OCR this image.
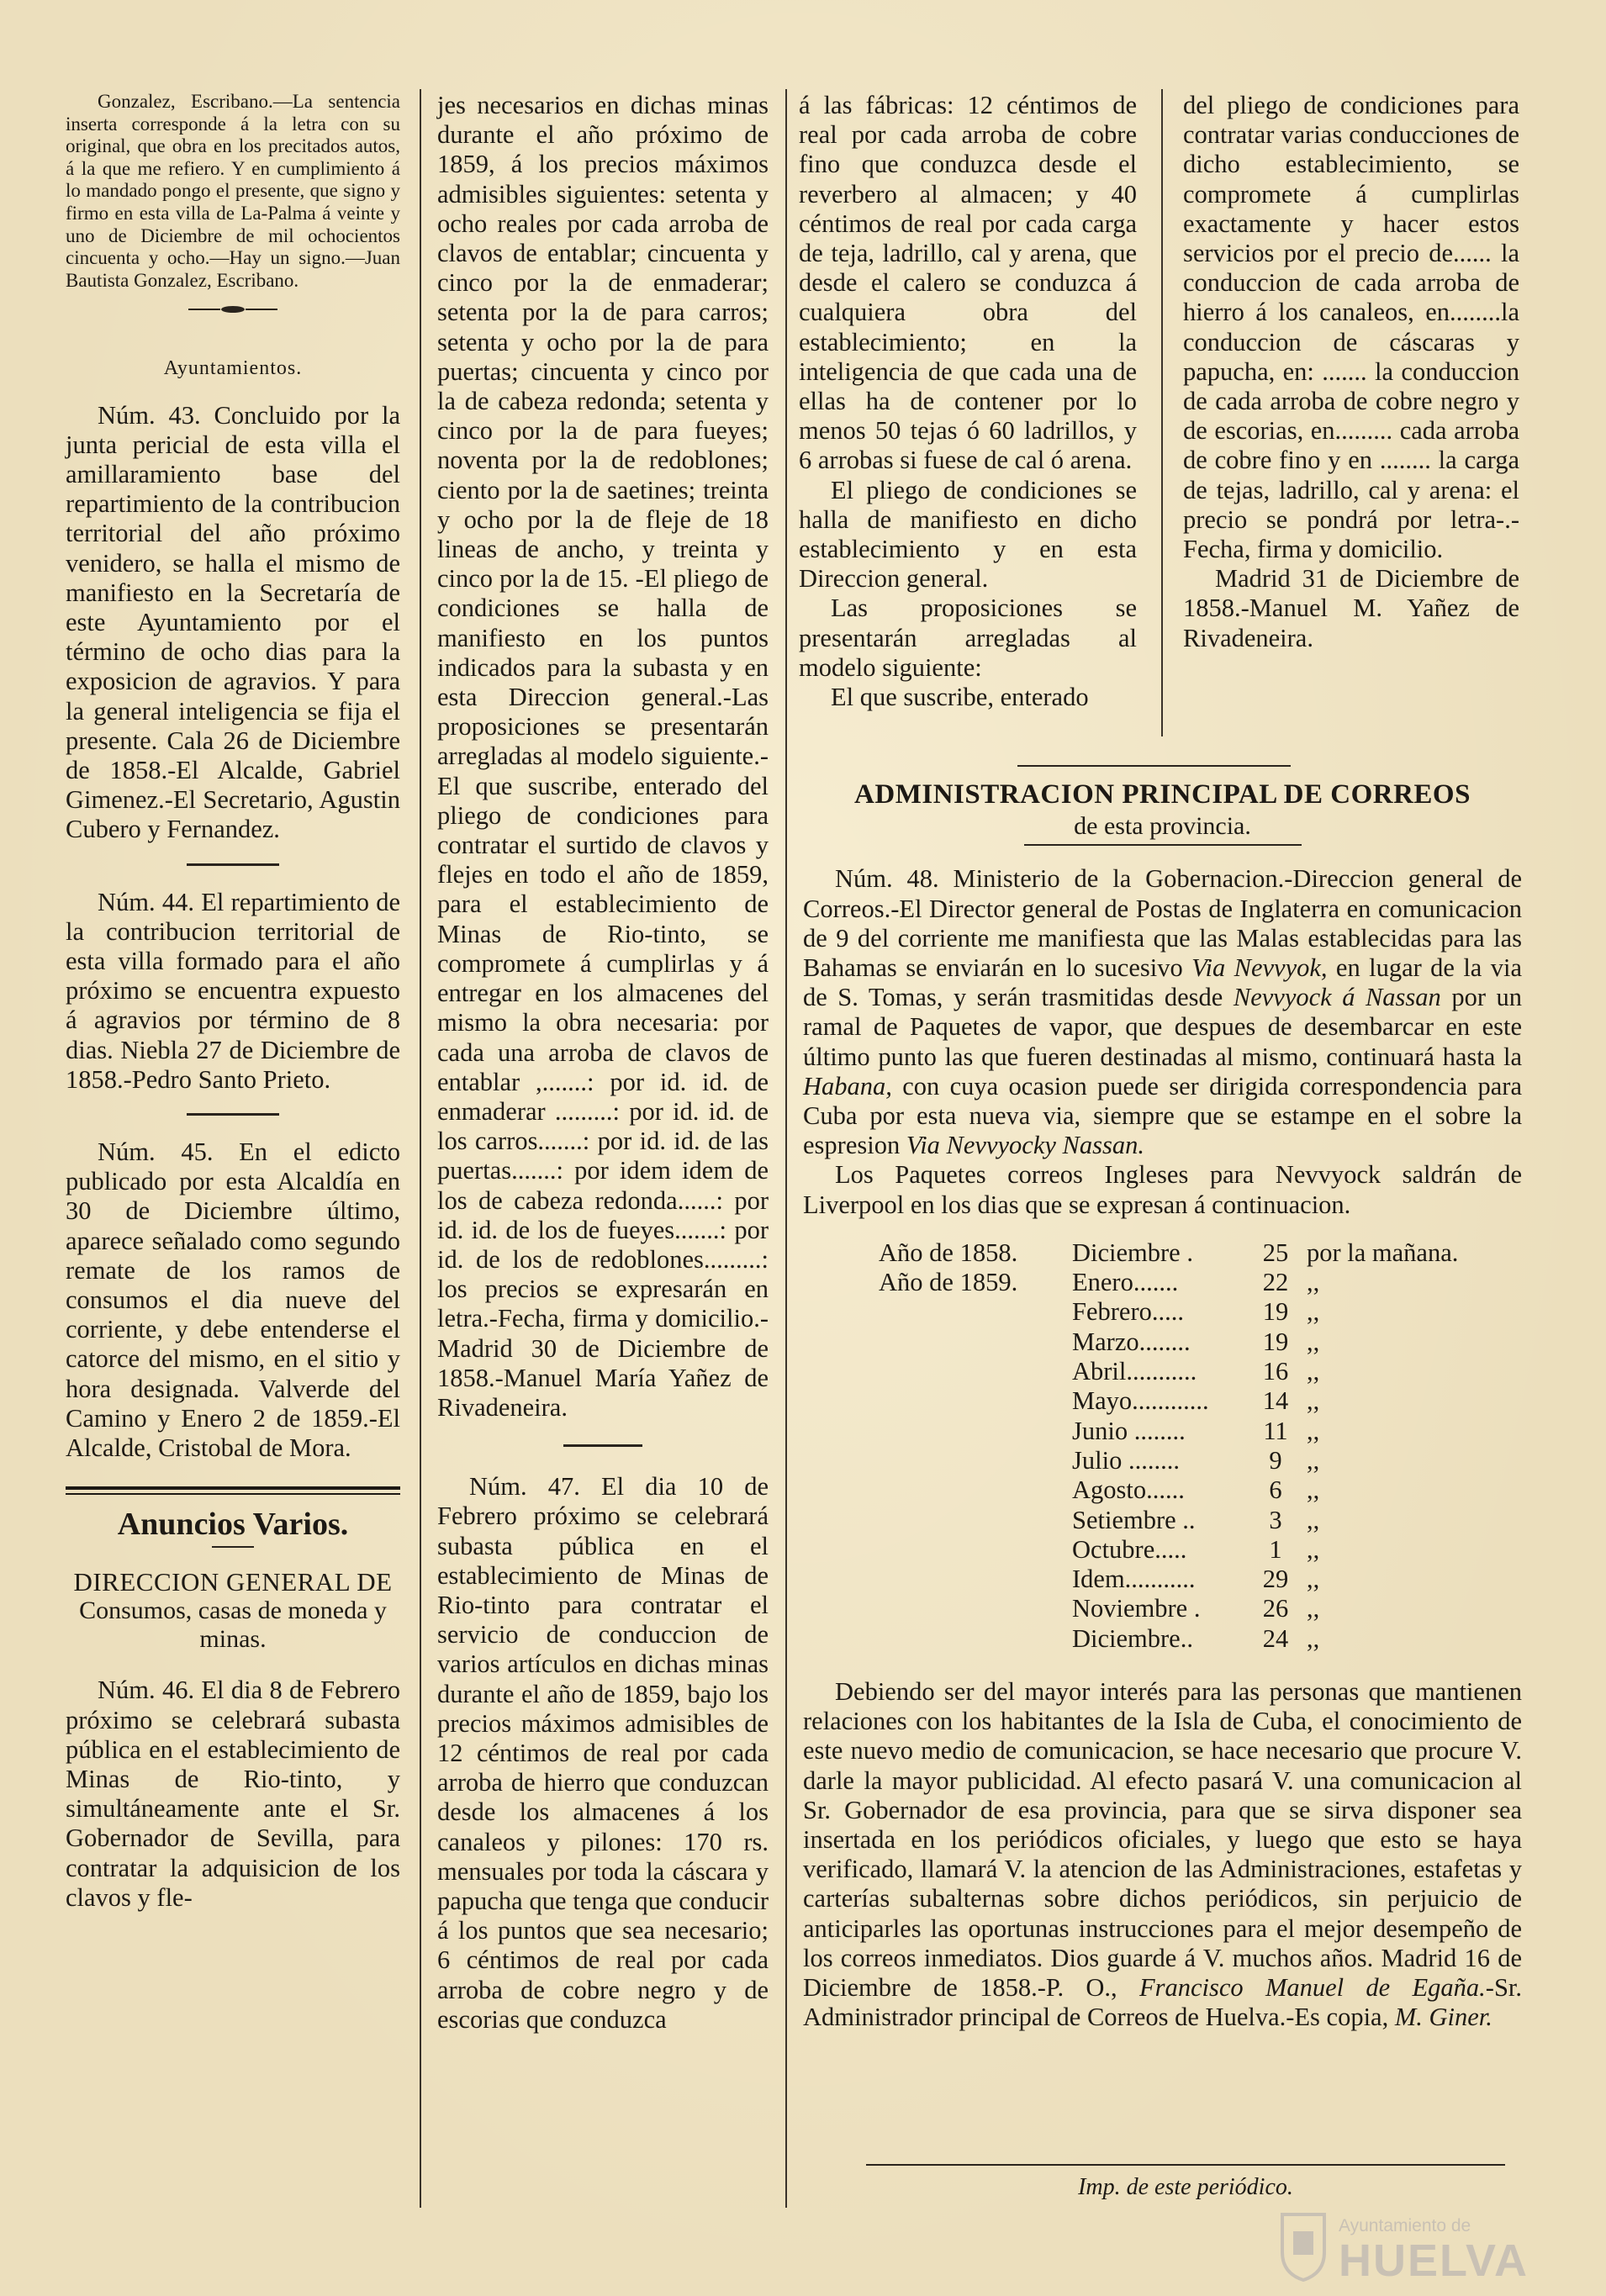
Gonzalez, Escribano.—La sentencia inserta corresponde á la letra con su original, que obra en los precitados autos, á la que me refiero. Y en cumplimiento á lo mandado pongo el presente, que signo y firmo en esta villa de La-Palma á veinte y uno de Diciembre de mil ochocientos cincuenta y ocho.—Hay un signo.—Juan Bautista Gonzalez, Escribano.

Ayuntamientos.

Núm. 43. Concluido por la junta pericial de esta villa el amillaramiento base del repartimiento de la contribucion territorial del año próximo venidero, se halla el mismo de manifiesto en la Secretaría de este Ayuntamiento por el término de ocho dias para la exposicion de agravios. Y para la general inteligencia se fija el presente. Cala 26 de Diciembre de 1858.-El Alcalde, Gabriel Gimenez.-El Secretario, Agustin Cubero y Fernandez.

Núm. 44. El repartimiento de la contribucion territorial de esta villa formado para el año próximo se encuentra expuesto á agravios por término de 8 dias. Niebla 27 de Diciembre de 1858.-Pedro Santo Prieto.

Núm. 45. En el edicto publicado por esta Alcaldía en 30 de Diciembre último, aparece señalado como segundo remate de los ramos de consumos el dia nueve del corriente, y debe entenderse el catorce del mismo, en el sitio y hora designada. Valverde del Camino y Enero 2 de 1859.-El Alcalde, Cristobal de Mora.

Anuncios Varios.
DIRECCION GENERAL DE
Consumos, casas de moneda y minas.

Núm. 46. El dia 8 de Febrero próximo se celebrará subasta pública en el establecimiento de Minas de Rio-tinto, y simultáneamente ante el Sr. Gobernador de Sevilla, para contratar la adquisicion de los clavos y fle-

jes necesarios en dichas minas durante el año próximo de 1859, á los precios máximos admisibles siguientes: setenta y ocho reales por cada arroba de clavos de entablar; cincuenta y cinco por la de enmaderar; setenta por la de para carros; setenta y ocho por la de para puertas; cincuenta y cinco por la de cabeza redonda; setenta y cinco por la de para fueyes; noventa por la de redoblones; ciento por la de saetines; treinta y ocho por la de fleje de 18 lineas de ancho, y treinta y cinco por la de 15. -El pliego de condiciones se halla de manifiesto en los puntos indicados para la subasta y en esta Direccion general.-Las proposiciones se presentarán arregladas al modelo siguiente.-El que suscribe, enterado del pliego de condiciones para contratar el surtido de clavos y flejes en todo el año de 1859, para el establecimiento de Minas de Rio-tinto, se compromete á cumplirlas y á entregar en los almacenes del mismo la obra necesaria: por cada una arroba de clavos de entablar ,.......: por id. id. de enmaderar .........: por id. id. de los carros.......: por id. id. de las puertas.......: por idem idem de los de cabeza redonda......: por id. id. de los de fueyes.......: por id. de los de redoblones.........: los precios se expresarán en letra.-Fecha, firma y domicilio.-Madrid 30 de Diciembre de 1858.-Manuel María Yañez de Rivadeneira.

Núm. 47. El dia 10 de Febrero próximo se celebrará subasta pública en el establecimiento de Minas de Rio-tinto para contratar el servicio de conduccion de varios artículos en dichas minas durante el año de 1859, bajo los precios máximos admisibles de 12 céntimos de real por cada arroba de hierro que conduzcan desde los almacenes á los canaleos y pilones: 170 rs. mensuales por toda la cáscara y papucha que tenga que conducir á los puntos que sea necesario; 6 céntimos de real por cada arroba de cobre negro y de escorias que conduzca

á las fábricas: 12 céntimos de real por cada arroba de cobre fino que conduzca desde el reverbero al almacen; y 40 céntimos de real por cada carga de teja, ladrillo, cal y arena, que desde el calero se conduzca á cualquiera obra del establecimiento; en la inteligencia de que cada una de ellas ha de contener por lo menos 50 tejas ó 60 ladrillos, y 6 arrobas si fuese de cal ó arena.

El pliego de condiciones se halla de manifiesto en dicho establecimiento y en esta Direccion general.

Las proposiciones se presentarán arregladas al modelo siguiente:

El que suscribe, enterado

del pliego de condiciones para contratar varias conducciones de dicho establecimiento, se compromete á cumplirlas exactamente y hacer estos servicios por el precio de...... la conduccion de cada arroba de hierro á los canaleos, en........la conduccion de cáscaras y papucha, en: ....... la conduccion de cada arroba de cobre negro y de escorias, en......... cada arroba de cobre fino y en ........ la carga de tejas, ladrillo, cal y arena: el precio se pondrá por letra-.-Fecha, firma y domicilio.

Madrid 31 de Diciembre de 1858.-Manuel M. Yañez de Rivadeneira.

ADMINISTRACION PRINCIPAL DE CORREOS
de esta provincia.

Núm. 48. Ministerio de la Gobernacion.-Direccion general de Correos.-El Director general de Postas de Inglaterra en comunicacion de 9 del corriente me manifiesta que las Malas establecidas para las Bahamas se enviarán en lo sucesivo Via Nevvyok, en lugar de la via de S. Tomas, y serán trasmitidas desde Nevvyock á Nassan por un ramal de Paquetes de vapor, que despues de desembarcar en este último punto las que fueren destinadas al mismo, continuará hasta la Habana, con cuya ocasion puede ser dirigida correspondencia para Cuba por esta nueva via, siempre que se estampe en el sobre la espresion Via Nevvyocky Nassan.

Los Paquetes correos Ingleses para Nevvyock saldrán de Liverpool en los dias que se expresan á continuacion.

Año de 1858.	Diciembre .	25	por la mañana.
Año de 1859.	Enero.......	22	,,
	Febrero.....	19	,,
	Marzo........	19	,,
	Abril...........	16	,,
	Mayo............	14	,,
	Junio ........	11	,,
	Julio ........	9	,,
	Agosto......	6	,,
	Setiembre ..	3	,,
	Octubre.....	1	,,
	Idem...........	29	,,
	Noviembre .	26	,,
	Diciembre..	24	,,

Debiendo ser del mayor interés para las personas que mantienen relaciones con los habitantes de la Isla de Cuba, el conocimiento de este nuevo medio de comunicacion, se hace necesario que procure V. darle la mayor publicidad. Al efecto pasará V. una comunicacion al Sr. Gobernador de esa provincia, para que se sirva disponer sea insertada en los periódicos oficiales, y luego que esto se haya verificado, llamará V. la atencion de las Administraciones, estafetas y carterías subalternas sobre dichos periódicos, sin perjuicio de anticiparles las oportunas instrucciones para el mejor desempeño de los correos inmediatos. Dios guarde á V. muchos años. Madrid 16 de Diciembre de 1858.-P. O., Francisco Manuel de Egaña.-Sr. Administrador principal de Correos de Huelva.-Es copia, M. Giner.

Imp. de este periódico.
Ayuntamiento de
HUELVA
